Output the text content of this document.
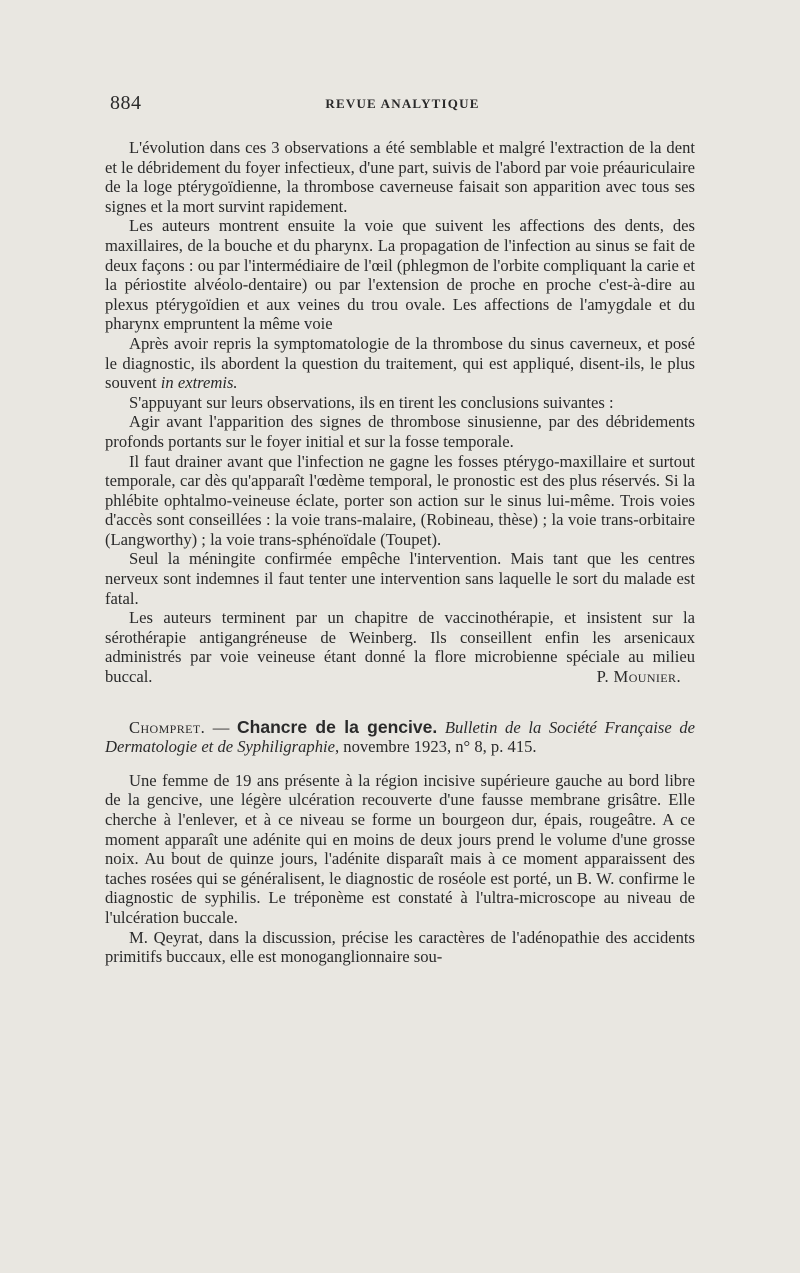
884	REVUE ANALYTIQUE

L'évolution dans ces 3 observations a été semblable et malgré l'extraction de la dent et le débridement du foyer infectieux, d'une part, suivis de l'abord par voie préauriculaire de la loge ptérygoïdienne, la thrombose caverneuse faisait son apparition avec tous ses signes et la mort survint rapidement.

Les auteurs montrent ensuite la voie que suivent les affections des dents, des maxillaires, de la bouche et du pharynx. La propagation de l'infection au sinus se fait de deux façons : ou par l'intermédiaire de l'œil (phlegmon de l'orbite compliquant la carie et la périostite alvéolo-dentaire) ou par l'extension de proche en proche c'est-à-dire au plexus ptérygoïdien et aux veines du trou ovale. Les affections de l'amygdale et du pharynx empruntent la même voie

Après avoir repris la symptomatologie de la thrombose du sinus caverneux, et posé le diagnostic, ils abordent la question du traitement, qui est appliqué, disent-ils, le plus souvent in extremis.

S'appuyant sur leurs observations, ils en tirent les conclusions suivantes :

Agir avant l'apparition des signes de thrombose sinusienne, par des débridements profonds portants sur le foyer initial et sur la fosse temporale.

Il faut drainer avant que l'infection ne gagne les fosses ptérygo-maxillaire et surtout temporale, car dès qu'apparaît l'œdème temporal, le pronostic est des plus réservés. Si la phlébite ophtalmo-veineuse éclate, porter son action sur le sinus lui-même. Trois voies d'accès sont conseillées : la voie trans-malaire, (Robineau, thèse) ; la voie trans-orbitaire (Langworthy) ; la voie trans-sphénoïdale (Toupet).

Seul la méningite confirmée empêche l'intervention. Mais tant que les centres nerveux sont indemnes il faut tenter une intervention sans laquelle le sort du malade est fatal.

Les auteurs terminent par un chapitre de vaccinothérapie, et insistent sur la sérothérapie antigangréneuse de Weinberg. Ils conseillent enfin les arsenicaux administrés par voie veineuse étant donné la flore microbienne spéciale au milieu buccal.	P. Mounier.

Chompret. — Chancre de la gencive. Bulletin de la Société Française de Dermatologie et de Syphiligraphie, novembre 1923, n° 8, p. 415.

Une femme de 19 ans présente à la région incisive supérieure gauche au bord libre de la gencive, une légère ulcération recouverte d'une fausse membrane grisâtre. Elle cherche à l'enlever, et à ce niveau se forme un bourgeon dur, épais, rougeâtre. A ce moment apparaît une adénite qui en moins de deux jours prend le volume d'une grosse noix. Au bout de quinze jours, l'adénite disparaît mais à ce moment apparaissent des taches rosées qui se généralisent, le diagnostic de roséole est porté, un B. W. confirme le diagnostic de syphilis. Le tréponème est constaté à l'ultra-microscope au niveau de l'ulcération buccale.

M. Qeyrat, dans la discussion, précise les caractères de l'adénopathie des accidents primitifs buccaux, elle est monoganglionnaire sou-
